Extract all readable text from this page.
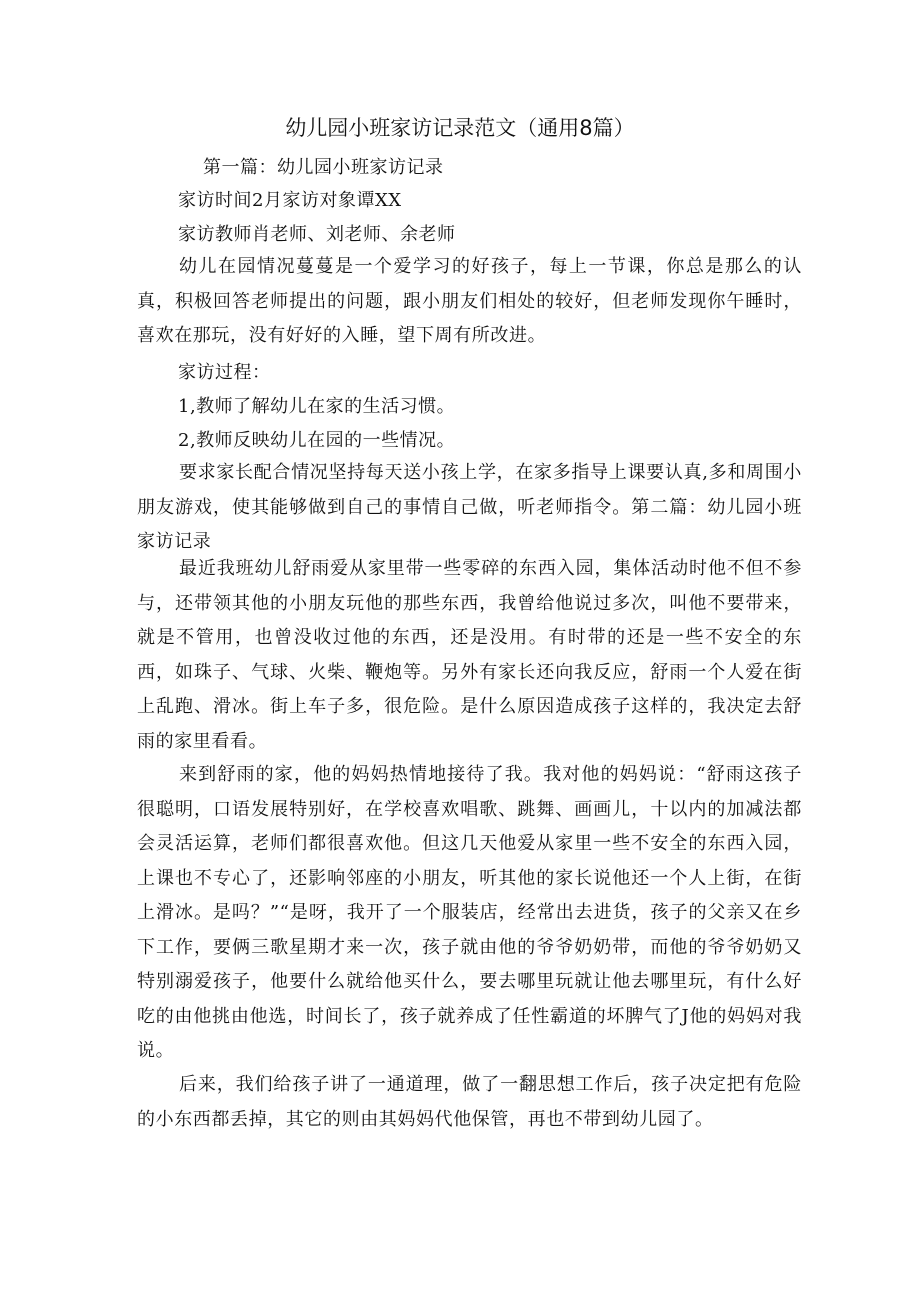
幼儿园小班家访记录范文（通用8篇）
第一篇：幼儿园小班家访记录
家访时间2月家访对象谭XX
家访教师肖老师、刘老师、余老师

幼儿在园情况蔓蔓是一个爱学习的好孩子，每上一节课，你总是那么的认真，积极回答老师提出的问题，跟小朋友们相处的较好，但老师发现你午睡时，喜欢在那玩，没有好好的入睡，望下周有所改进。

家访过程：
1,教师了解幼儿在家的生活习惯。
2,教师反映幼儿在园的一些情况。

要求家长配合情况坚持每天送小孩上学，在家多指导上课要认真,多和周围小朋友游戏，使其能够做到自己的事情自己做，听老师指令。第二篇：幼儿园小班家访记录

最近我班幼儿舒雨爱从家里带一些零碎的东西入园，集体活动时他不但不参与，还带领其他的小朋友玩他的那些东西，我曾给他说过多次，叫他不要带来，就是不管用，也曾没收过他的东西，还是没用。有时带的还是一些不安全的东西，如珠子、气球、火柴、鞭炮等。另外有家长还向我反应，舒雨一个人爱在街上乱跑、滑冰。街上车子多，很危险。是什么原因造成孩子这样的，我决定去舒雨的家里看看。

来到舒雨的家，他的妈妈热情地接待了我。我对他的妈妈说：“舒雨这孩子很聪明，口语发展特别好，在学校喜欢唱歌、跳舞、画画儿，十以内的加减法都会灵活运算，老师们都很喜欢他。但这几天他爱从家里一些不安全的东西入园，上课也不专心了，还影响邻座的小朋友，听其他的家长说他还一个人上街，在街上滑冰。是吗？”“是呀，我开了一个服装店，经常出去进货，孩子的父亲又在乡下工作，要俩三歌星期才来一次，孩子就由他的爷爷奶奶带，而他的爷爷奶奶又特别溺爱孩子，他要什么就给他买什么，要去哪里玩就让他去哪里玩，有什么好吃的由他挑由他选，时间长了，孩子就养成了任性霸道的坏脾气了J他的妈妈对我说。

后来，我们给孩子讲了一通道理，做了一翻思想工作后，孩子决定把有危险的小东西都丢掉，其它的则由其妈妈代他保管，再也不带到幼儿园了。
